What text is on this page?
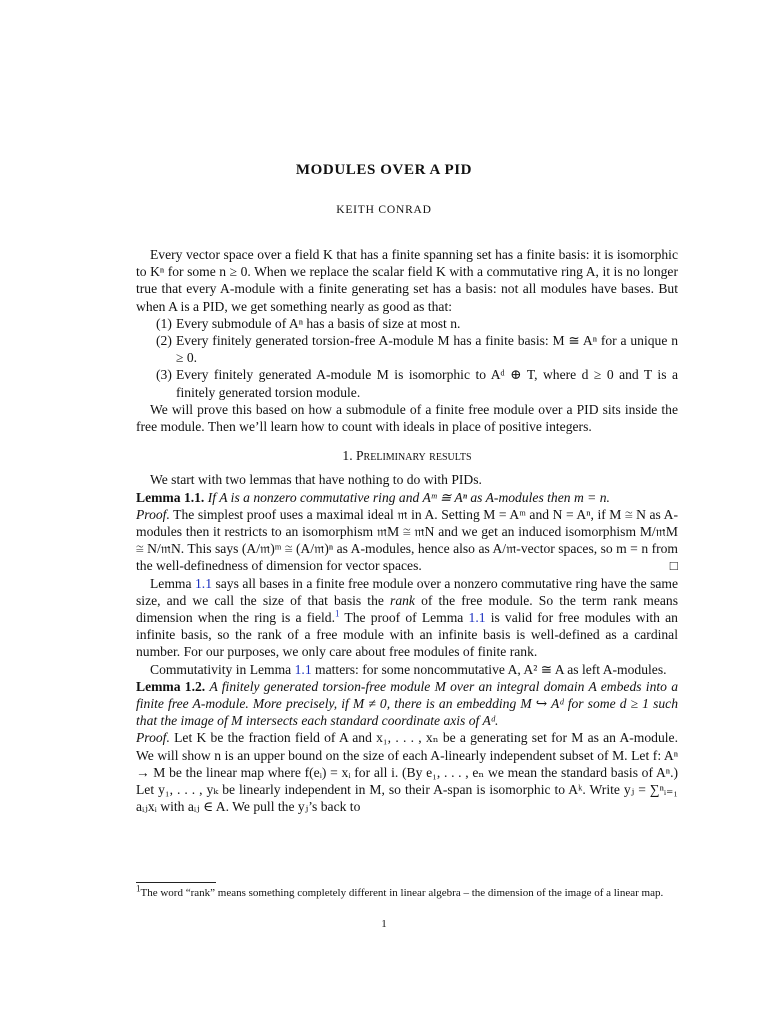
MODULES OVER A PID
KEITH CONRAD

Every vector space over a field K that has a finite spanning set has a finite basis: it is isomorphic to Kⁿ for some n ≥ 0. When we replace the scalar field K with a commutative ring A, it is no longer true that every A-module with a finite generating set has a basis: not all modules have bases. But when A is a PID, we get something nearly as good as that:

(1) Every submodule of Aⁿ has a basis of size at most n.
(2) Every finitely generated torsion-free A-module M has a finite basis: M ≅ Aⁿ for a unique n ≥ 0.
(3) Every finitely generated A-module M is isomorphic to Aᵈ ⊕ T, where d ≥ 0 and T is a finitely generated torsion module.

We will prove this based on how a submodule of a finite free module over a PID sits inside the free module. Then we’ll learn how to count with ideals in place of positive integers.

1. Preliminary results

We start with two lemmas that have nothing to do with PIDs.

Lemma 1.1. If A is a nonzero commutative ring and Aᵐ ≅ Aⁿ as A-modules then m = n.

Proof. The simplest proof uses a maximal ideal 𝔪 in A. Setting M = Aᵐ and N = Aⁿ, if M ≅ N as A-modules then it restricts to an isomorphism 𝔪M ≅ 𝔪N and we get an induced isomorphism M/𝔪M ≅ N/𝔪N. This says (A/𝔪)ᵐ ≅ (A/𝔪)ⁿ as A-modules, hence also as A/𝔪-vector spaces, so m = n from the well-definedness of dimension for vector spaces.	□

Lemma 1.1 says all bases in a finite free module over a nonzero commutative ring have the same size, and we call the size of that basis the rank of the free module. So the term rank means dimension when the ring is a field.$^1$ The proof of Lemma 1.1 is valid for free modules with an infinite basis, so the rank of a free module with an infinite basis is well-defined as a cardinal number. For our purposes, we only care about free modules of finite rank.

Commutativity in Lemma 1.1 matters: for some noncommutative A, A² ≅ A as left A-modules.

Lemma 1.2. A finitely generated torsion-free module M over an integral domain A embeds into a finite free A-module. More precisely, if M ≠ 0, there is an embedding M ↪ Aᵈ for some d ≥ 1 such that the image of M intersects each standard coordinate axis of Aᵈ.

Proof. Let K be the fraction field of A and x₁, . . . , xₙ be a generating set for M as an A-module. We will show n is an upper bound on the size of each A-linearly independent subset of M. Let f: Aⁿ → M be the linear map where f(eᵢ) = xᵢ for all i. (By e₁, . . . , eₙ we mean the standard basis of Aⁿ.) Let y₁, . . . , yₖ be linearly independent in M, so their A-span is isomorphic to Aᵏ. Write yⱼ = ∑ⁿᵢ₌₁ aᵢⱼxᵢ with aᵢⱼ ∈ A. We pull the yⱼ’s back to

$^1$The word “rank” means something completely different in linear algebra – the dimension of the image of a linear map.
1
